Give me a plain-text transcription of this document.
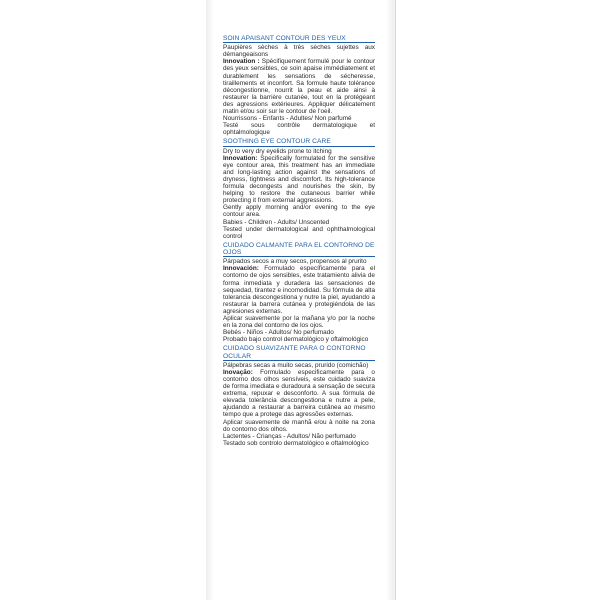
SOIN APAISANT CONTOUR DES YEUX

Paupières sèches à très sèches sujettes aux démangeaisons

Innovation : Spécifiquement formulé pour le contour des yeux sensibles, ce soin apaise immédiatement et durablement les sensations de sécheresse, tiraillements et inconfort. Sa formule haute tolérance décongestionne, nourrit la peau et aide ainsi à restaurer la barrière cutanée, tout en la protégeant des agressions extérieures. Appliquer délicatement matin et/ou soir sur le contour de l'oeil.

Nourrissons - Enfants - Adultes/ Non parfumé

Testé sous contrôle dermatologique et ophtalmologique

SOOTHING EYE CONTOUR CARE

Dry to very dry eyelids prone to itching

Innovation: Specifically formulated for the sensitive eye contour area, this treatment has an immediate and long-lasting action against the sensations of dryness, tightness and discomfort. Its high-tolerance formula decongests and nourishes the skin, by helping to restore the cutaneous barrier while protecting it from external aggressions.

Gently apply morning and/or evening to the eye contour area.

Babies - Children - Adults/ Unscented

Tested under dermatological and ophthalmological control

CUIDADO CALMANTE PARA EL CONTORNO DE OJOS

Párpados secos a muy secos, propensos al prurito

Innovación: Formulado específicamente para el contorno de ojos sensibles, este tratamiento alivia de forma inmediata y duradera las sensaciones de sequedad, tirantez e incomodidad. Su fórmula de alta tolerancia descongestiona y nutre la piel, ayudando a restaurar la barrera cutánea y protegiéndola de las agresiones externas.

Aplicar suavemente por la mañana y/o por la noche en la zona del contorno de los ojos.

Bebés - Niños - Adultos/ No perfumado

Probado bajo control dermatológico y oftalmológico

CUIDADO SUAVIZANTE PARA O CONTORNO OCULAR

Pálpebras secas a muito secas, prurido (comichão)

Inovação: Formulado especificamente para o contorno dos olhos sensíveis, este cuidado suaviza de forma imediata e duradoura a sensação de secura extrema, repuxar e desconforto. A sua fórmula de elevada tolerância descongestiona e nutre a pele, ajudando a restaurar a barreira cutânea ao mesmo tempo que a protege das agressões externas.

Aplicar suavemente de manhã e/ou à noite na zona do contorno dos olhos.

Lactentes - Crianças - Adultos/ Não perfumado

Testado sob controlo dermatológico e oftalmológico
